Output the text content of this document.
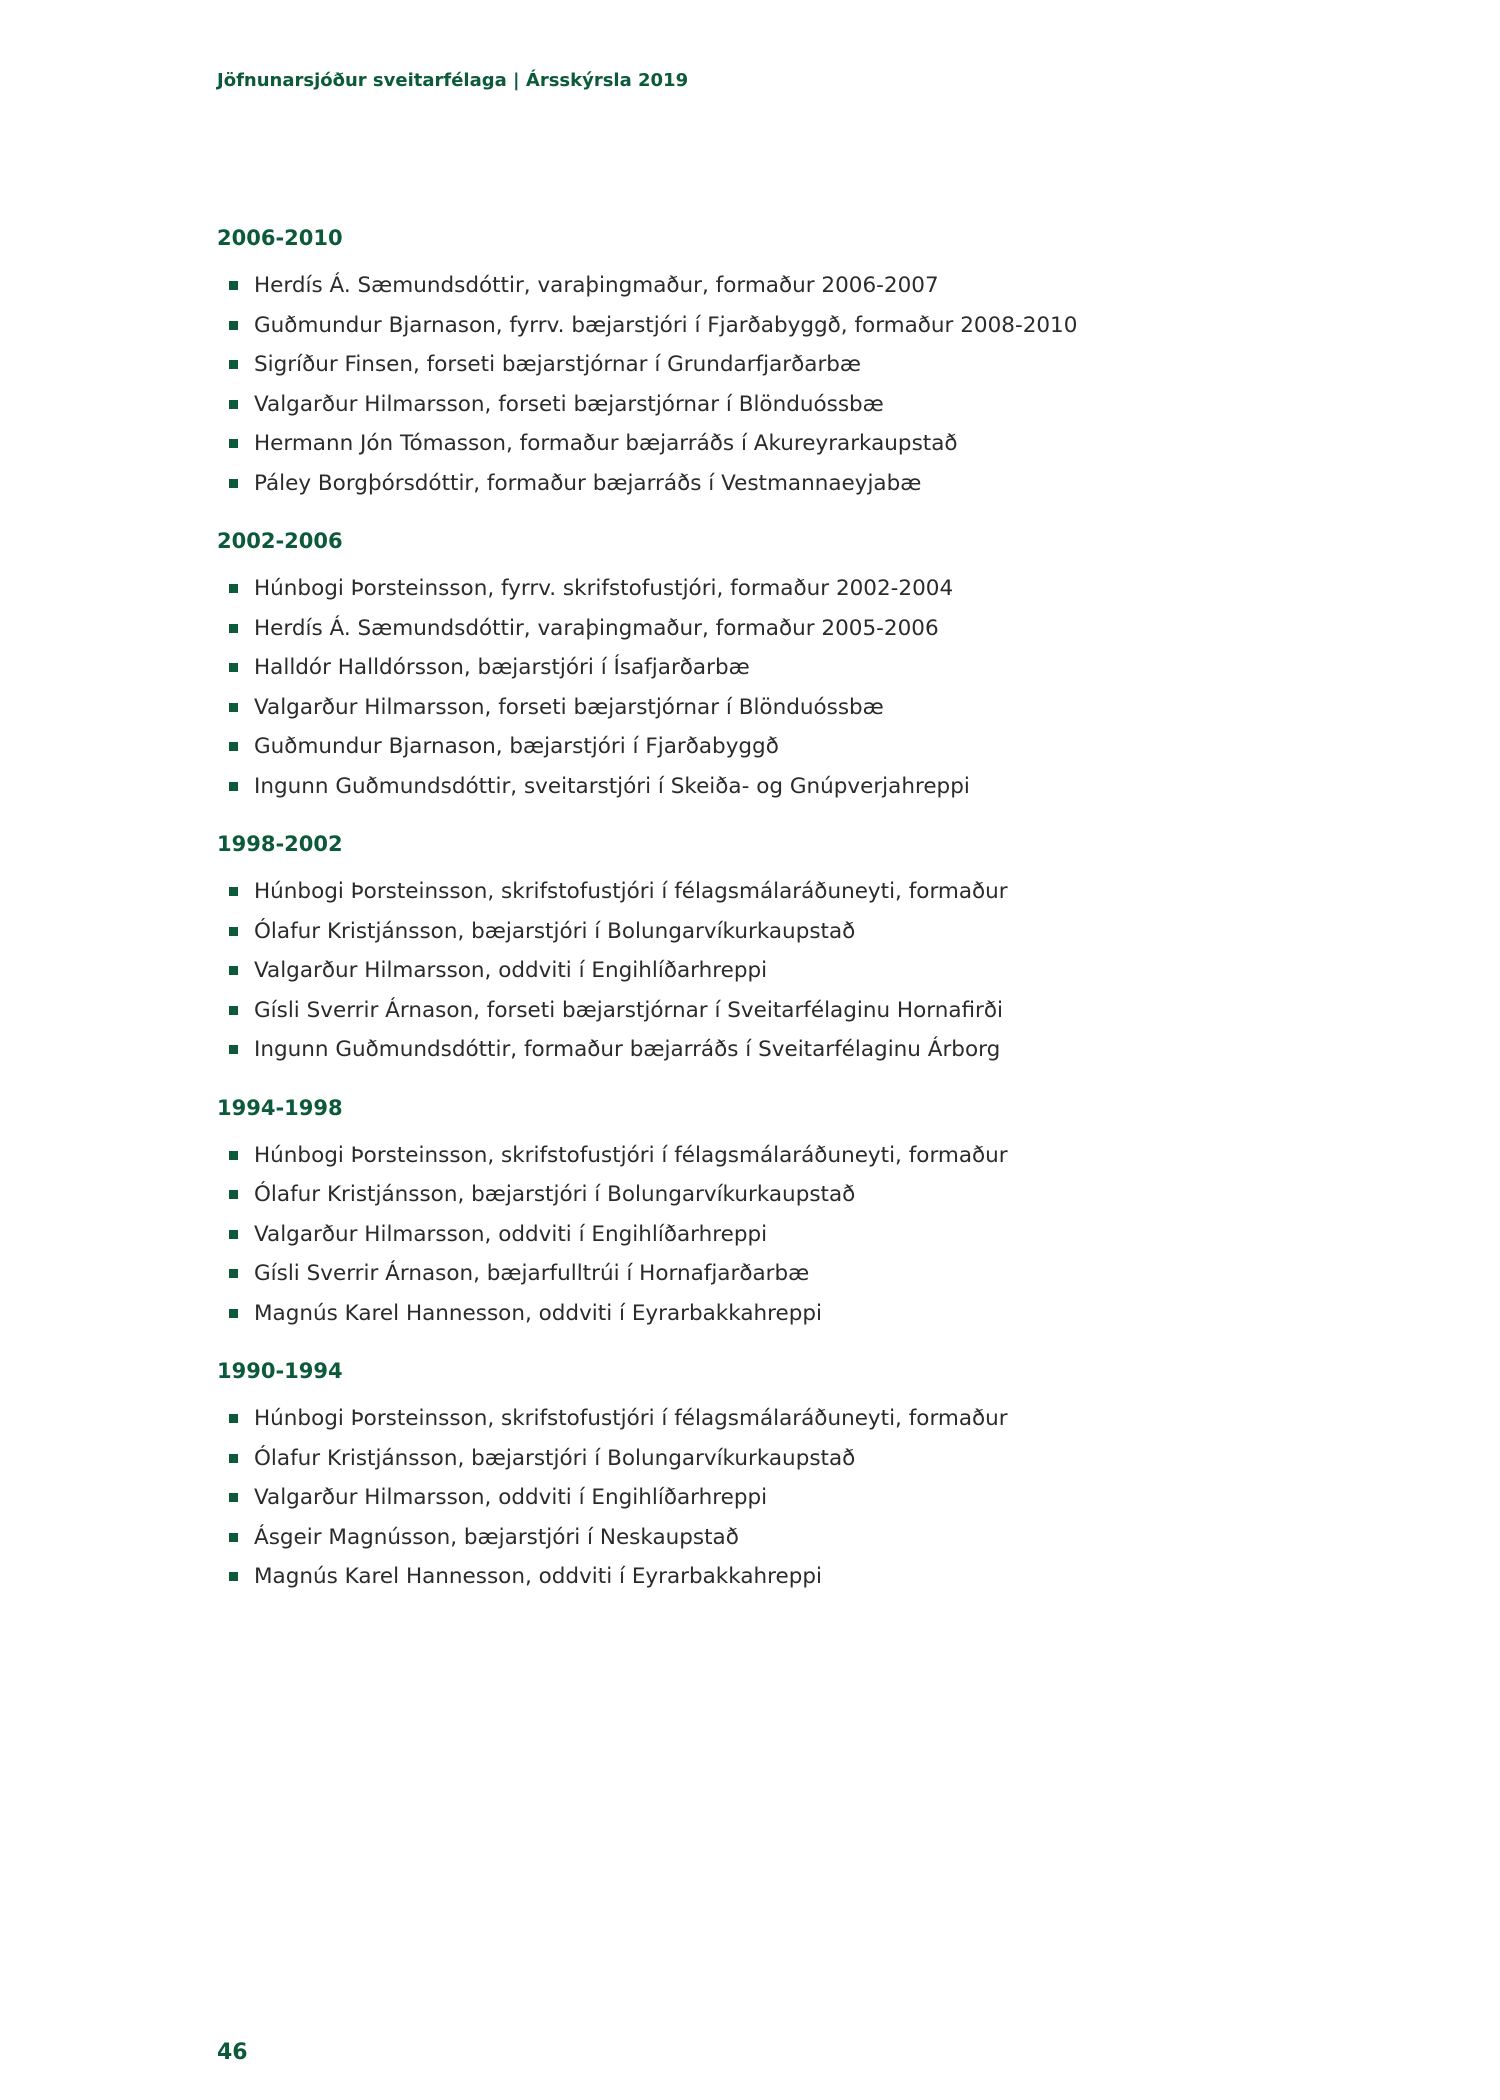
Jöfnunarsjóður sveitarfélaga | Ársskýrsla 2019
2006-2010
Herdís Á. Sæmundsdóttir, varaþingmaður, formaður 2006-2007
Guðmundur Bjarnason, fyrrv. bæjarstjóri í Fjarðabyggð, formaður 2008-2010
Sigríður Finsen, forseti bæjarstjórnar í Grundarfjarðarbæ
Valgarður Hilmarsson, forseti bæjarstjórnar í Blönduóssbæ
Hermann Jón Tómasson, formaður bæjarráðs í Akureyrarkaupstað
Páley Borgþórsdóttir, formaður bæjarráðs í Vestmannaeyjabæ
2002-2006
Húnbogi Þorsteinsson, fyrrv. skrifstofustjóri, formaður 2002-2004
Herdís Á. Sæmundsdóttir, varaþingmaður, formaður 2005-2006
Halldór Halldórsson, bæjarstjóri í Ísafjarðarbæ
Valgarður Hilmarsson, forseti bæjarstjórnar í Blönduóssbæ
Guðmundur Bjarnason, bæjarstjóri í Fjarðabyggð
Ingunn Guðmundsdóttir, sveitarstjóri í Skeiða- og Gnúpverjahreppi
1998-2002
Húnbogi Þorsteinsson, skrifstofustjóri í félagsmálaráðuneyti, formaður
Ólafur Kristjánsson, bæjarstjóri í Bolungarvíkurkaupstað
Valgarður Hilmarsson, oddviti í Engihlíðarhreppi
Gísli Sverrir Árnason, forseti bæjarstjórnar í Sveitarfélaginu Hornafirði
Ingunn Guðmundsdóttir, formaður bæjarráðs í Sveitarfélaginu Árborg
1994-1998
Húnbogi Þorsteinsson, skrifstofustjóri í félagsmálaráðuneyti, formaður
Ólafur Kristjánsson, bæjarstjóri í Bolungarvíkurkaupstað
Valgarður Hilmarsson, oddviti í Engihlíðarhreppi
Gísli Sverrir Árnason, bæjarfulltrúi í Hornafjarðarbæ
Magnús Karel Hannesson, oddviti í Eyrarbakkahreppi
1990-1994
Húnbogi Þorsteinsson, skrifstofustjóri í félagsmálaráðuneyti, formaður
Ólafur Kristjánsson, bæjarstjóri í Bolungarvíkurkaupstað
Valgarður Hilmarsson, oddviti í Engihlíðarhreppi
Ásgeir Magnússon, bæjarstjóri í Neskaupstað
Magnús Karel Hannesson, oddviti í Eyrarbakkahreppi
46
